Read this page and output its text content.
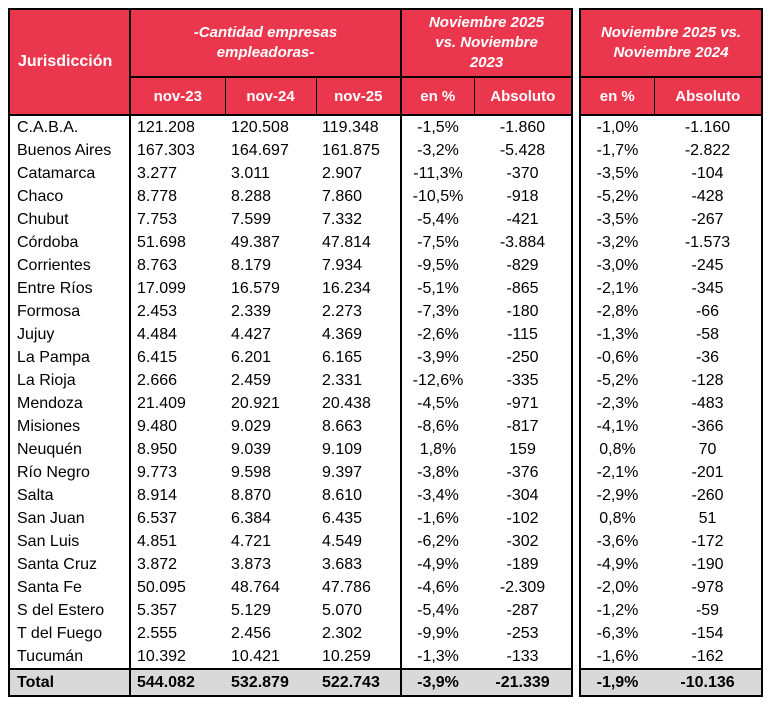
Jurisdicción	-Cantidad empresas empleadoras-			Noviembre 2025 vs. Noviembre 2023			Noviembre 2025 vs. Noviembre 2024	
	nov-23	nov-24	nov-25	en %	Absoluto		en %	Absoluto
C.A.B.A.	121.208	120.508	119.348	-1,5%	-1.860		-1,0%	-1.160
Buenos Aires	167.303	164.697	161.875	-3,2%	-5.428		-1,7%	-2.822
Catamarca	3.277	3.011	2.907	-11,3%	-370		-3,5%	-104
Chaco	8.778	8.288	7.860	-10,5%	-918		-5,2%	-428
Chubut	7.753	7.599	7.332	-5,4%	-421		-3,5%	-267
Córdoba	51.698	49.387	47.814	-7,5%	-3.884		-3,2%	-1.573
Corrientes	8.763	8.179	7.934	-9,5%	-829		-3,0%	-245
Entre Ríos	17.099	16.579	16.234	-5,1%	-865		-2,1%	-345
Formosa	2.453	2.339	2.273	-7,3%	-180		-2,8%	-66
Jujuy	4.484	4.427	4.369	-2,6%	-115		-1,3%	-58
La Pampa	6.415	6.201	6.165	-3,9%	-250		-0,6%	-36
La Rioja	2.666	2.459	2.331	-12,6%	-335		-5,2%	-128
Mendoza	21.409	20.921	20.438	-4,5%	-971		-2,3%	-483
Misiones	9.480	9.029	8.663	-8,6%	-817		-4,1%	-366
Neuquén	8.950	9.039	9.109	1,8%	159		0,8%	70
Río Negro	9.773	9.598	9.397	-3,8%	-376		-2,1%	-201
Salta	8.914	8.870	8.610	-3,4%	-304		-2,9%	-260
San Juan	6.537	6.384	6.435	-1,6%	-102		0,8%	51
San Luis	4.851	4.721	4.549	-6,2%	-302		-3,6%	-172
Santa Cruz	3.872	3.873	3.683	-4,9%	-189		-4,9%	-190
Santa Fe	50.095	48.764	47.786	-4,6%	-2.309		-2,0%	-978
S del Estero	5.357	5.129	5.070	-5,4%	-287		-1,2%	-59
T del Fuego	2.555	2.456	2.302	-9,9%	-253		-6,3%	-154
Tucumán	10.392	10.421	10.259	-1,3%	-133		-1,6%	-162
Total	544.082	532.879	522.743	-3,9%	-21.339		-1,9%	-10.136
